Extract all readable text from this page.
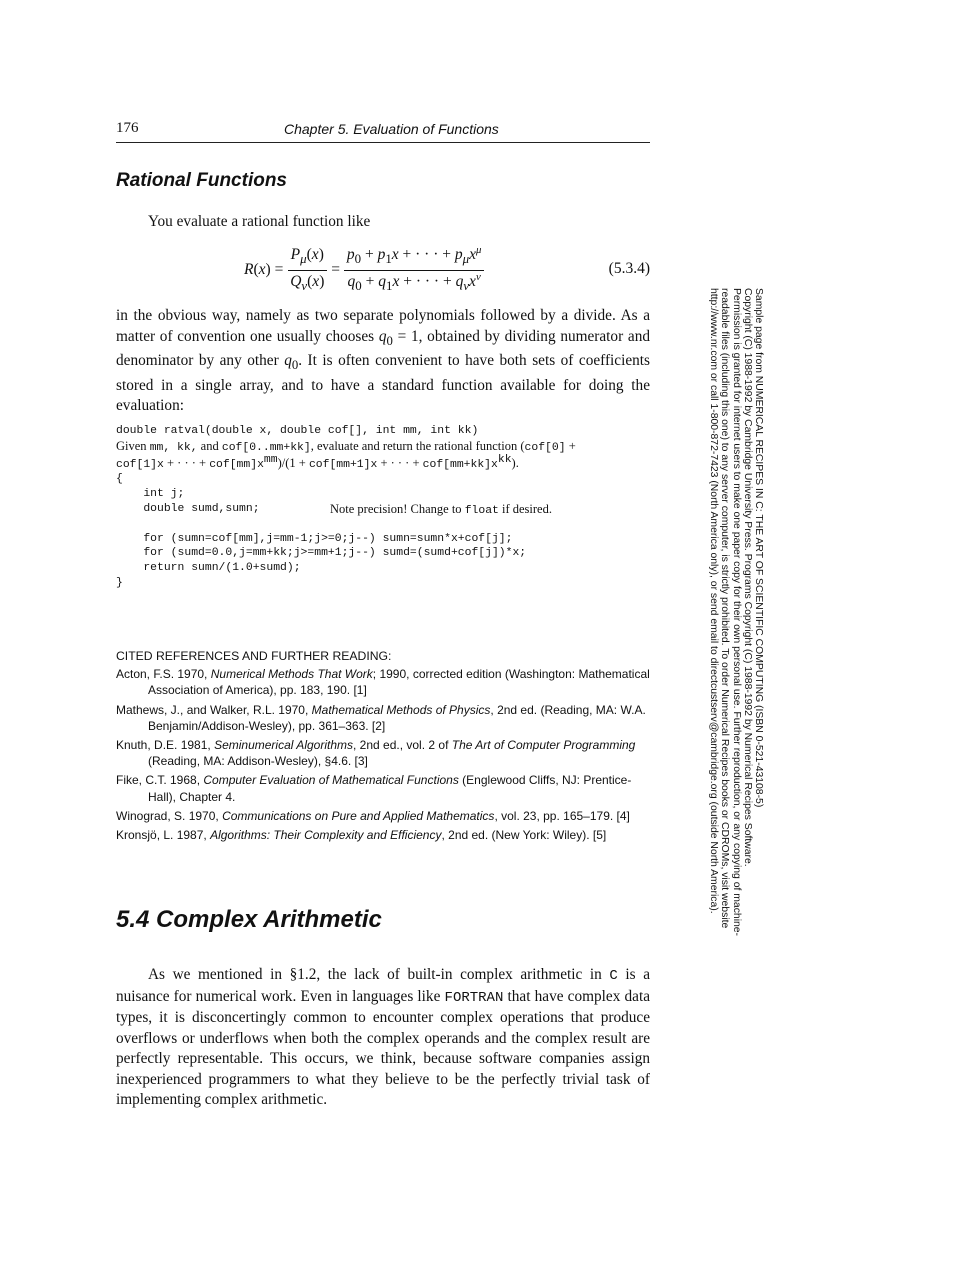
176	Chapter 5. Evaluation of Functions
Rational Functions

You evaluate a rational function like

$R(x) = \frac{P_\mu(x)}{Q_\nu(x)} = \frac{p_0 + p_1x + \cdot \cdot \cdot + p_\mu x^\mu}{q_0 + q_1x + \cdot \cdot \cdot + q_\nu x^\nu}$	(5.3.4)

in the obvious way, namely as two separate polynomials followed by a divide. As a matter of convention one usually chooses $q_0 = 1$, obtained by dividing numerator and denominator by any other $q_0$. It is often convenient to have both sets of coefficients stored in a single array, and to have a standard function available for doing the evaluation:

double ratval(double x, double cof[], int mm, int kk)
Given mm, kk, and cof[0..mm+kk], evaluate and return the rational function (cof[0] +
cof[1]x + · · · + $cof[mm]x^{mm})/(1 + cof[mm+1]x$ + · · · + $cof[mm+kk]x^{kk}$).
{
int j;
double sumd,sumn;	Note precision! Change to float if desired.

for (sumn=cof[mm],j=mm-1;j>=0;j--) sumn=sumn*x+cof[j];
for (sumd=0.0,j=mm+kk;j>=mm+1;j--) sumd=(sumd+cof[j])*x;
return sumn/(1.0+sumd);
}

CITED REFERENCES AND FURTHER READING:

Acton, F.S. 1970, Numerical Methods That Work; 1990, corrected edition (Washington: Mathematical Association of America), pp. 183, 190. [1]

Mathews, J., and Walker, R.L. 1970, Mathematical Methods of Physics, 2nd ed. (Reading, MA: W.A. Benjamin/Addison-Wesley), pp. 361–363. [2]

Knuth, D.E. 1981, Seminumerical Algorithms, 2nd ed., vol. 2 of The Art of Computer Programming (Reading, MA: Addison-Wesley), §4.6. [3]

Fike, C.T. 1968, Computer Evaluation of Mathematical Functions (Englewood Cliffs, NJ: Prentice-Hall), Chapter 4.

Winograd, S. 1970, Communications on Pure and Applied Mathematics, vol. 23, pp. 165–179. [4]

Kronsjö, L. 1987, Algorithms: Their Complexity and Efficiency, 2nd ed. (New York: Wiley). [5]

5.4 Complex Arithmetic

As we mentioned in §1.2, the lack of built-in complex arithmetic in C is a nuisance for numerical work. Even in languages like FORTRAN that have complex data types, it is disconcertingly common to encounter complex operations that produce overflows or underflows when both the complex operands and the complex result are perfectly representable. This occurs, we think, because software companies assign inexperienced programmers to what they believe to be the perfectly trivial task of implementing complex arithmetic.

Sample page from NUMERICAL RECIPES IN C: THE ART OF SCIENTIFIC COMPUTING (ISBN 0-521-43108-5)
Copyright (C) 1988-1992 by Cambridge University Press. Programs Copyright (C) 1988-1992 by Numerical Recipes Software.
Permission is granted for internet users to make one paper copy for their own personal use. Further reproduction, or any copying of machine-
readable files (including this one) to any server computer, is strictly prohibited. To order Numerical Recipes books or CDROMs, visit website
http://www.nr.com or call 1-800-872-7423 (North America only), or send email to directcustserv@cambridge.org (outside North America).
